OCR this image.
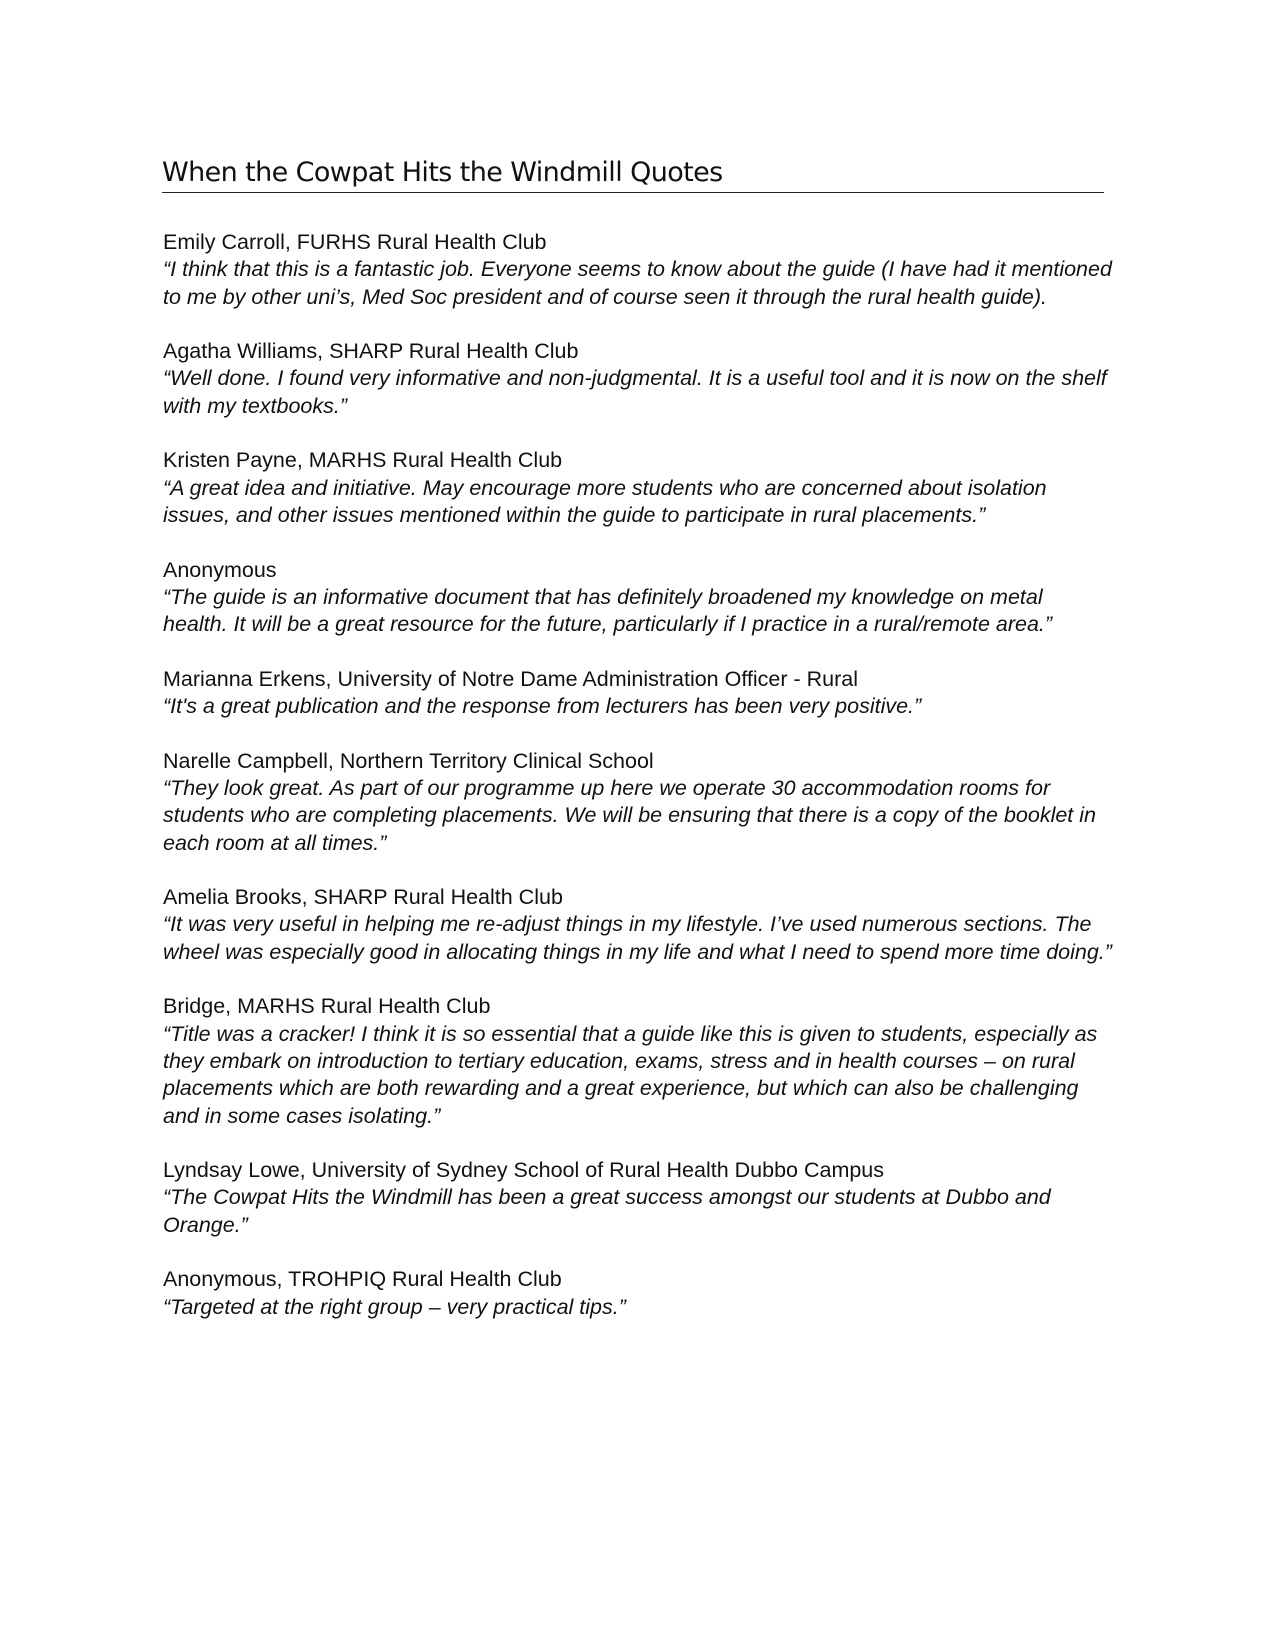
When the Cowpat Hits the Windmill Quotes
Emily Carroll, FURHS Rural Health Club
“I think that this is a fantastic job. Everyone seems to know about the guide (I have had it mentioned to me by other uni’s, Med Soc president and of course seen it through the rural health guide).
Agatha Williams, SHARP Rural Health Club
“Well done. I found very informative and non-judgmental. It is a useful tool and it is now on the shelf with my textbooks.”
Kristen Payne, MARHS Rural Health Club
“A great idea and initiative. May encourage more students who are concerned about isolation issues, and other issues mentioned within the guide to participate in rural placements.”
Anonymous
“The guide is an informative document that has definitely broadened my knowledge on metal health. It will be a great resource for the future, particularly if I practice in a rural/remote area.”
Marianna Erkens, University of Notre Dame Administration Officer - Rural
“It's a great publication and the response from lecturers has been very positive.”
Narelle Campbell, Northern Territory Clinical School
“They look great. As part of our programme up here we operate 30 accommodation rooms for students who are completing placements. We will be ensuring that there is a copy of the booklet in each room at all times.”
Amelia Brooks, SHARP Rural Health Club
“It was very useful in helping me re-adjust things in my lifestyle. I’ve used numerous sections. The wheel was especially good in allocating things in my life and what I need to spend more time doing.”
Bridge, MARHS Rural Health Club
“Title was a cracker! I think it is so essential that a guide like this is given to students, especially as they embark on introduction to tertiary education, exams, stress and in health courses – on rural placements which are both rewarding and a great experience, but which can also be challenging and in some cases isolating.”
Lyndsay Lowe, University of Sydney School of Rural Health Dubbo Campus
“The Cowpat Hits the Windmill has been a great success amongst our students at Dubbo and Orange.”
Anonymous, TROHPIQ Rural Health Club
“Targeted at the right group – very practical tips.”
